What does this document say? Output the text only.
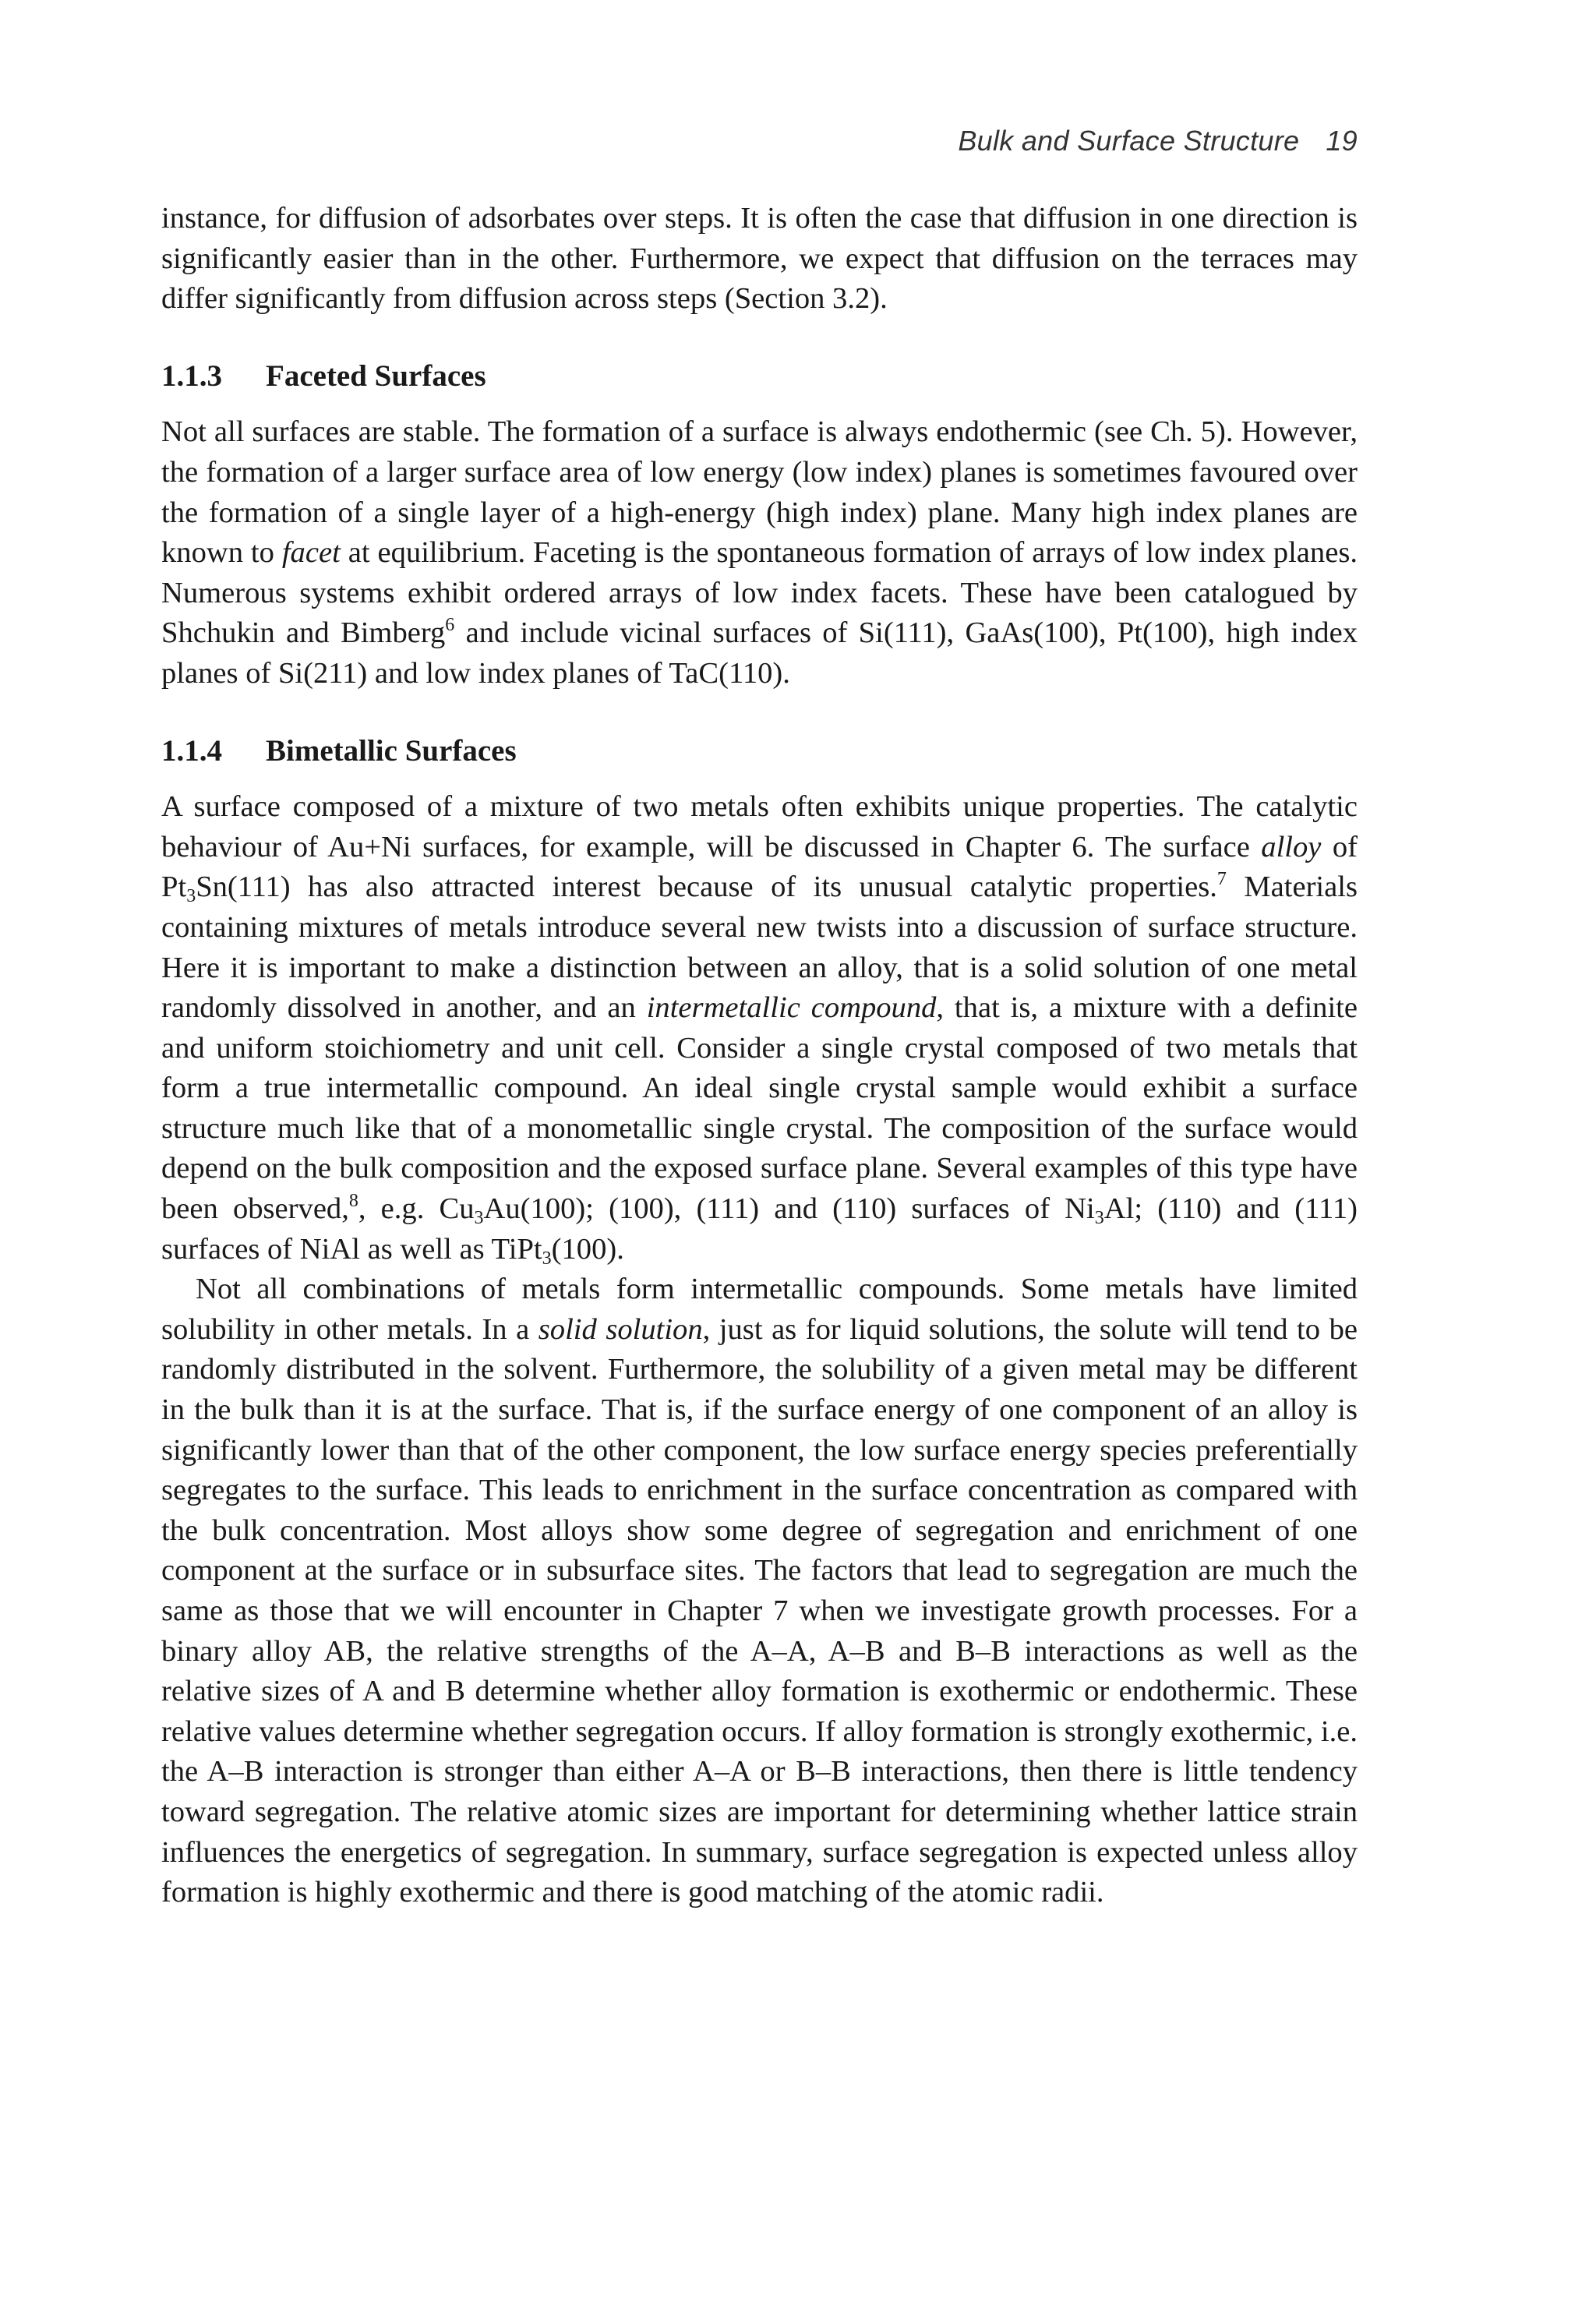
Bulk and Surface Structure 19

instance, for diffusion of adsorbates over steps. It is often the case that diffusion in one direction is significantly easier than in the other. Furthermore, we expect that diffusion on the terraces may differ significantly from diffusion across steps (Section 3.2).

1.1.3 Faceted Surfaces

Not all surfaces are stable. The formation of a surface is always endothermic (see Ch. 5). However, the formation of a larger surface area of low energy (low index) planes is sometimes favoured over the formation of a single layer of a high-energy (high index) plane. Many high index planes are known to facet at equilibrium. Faceting is the spontaneous formation of arrays of low index planes. Numerous systems exhibit ordered arrays of low index facets. These have been catalogued by Shchukin and Bimberg$^6$ and include vicinal surfaces of Si(111), GaAs(100), Pt(100), high index planes of Si(211) and low index planes of TaC(110).

1.1.4 Bimetallic Surfaces

A surface composed of a mixture of two metals often exhibits unique properties. The catalytic behaviour of Au+Ni surfaces, for example, will be discussed in Chapter 6. The surface alloy of $Pt_3Sn(111)$ has also attracted interest because of its unusual catalytic properties.$^7$ Materials containing mixtures of metals introduce several new twists into a discussion of surface structure. Here it is important to make a distinction between an alloy, that is a solid solution of one metal randomly dissolved in another, and an intermetallic compound, that is, a mixture with a definite and uniform stoichiometry and unit cell. Consider a single crystal composed of two metals that form a true intermetallic compound. An ideal single crystal sample would exhibit a surface structure much like that of a monometallic single crystal. The composition of the surface would depend on the bulk composition and the exposed surface plane. Several examples of this type have been observed,$^8$, e.g. $Cu_3Au(100)$; (100), (111) and (110) surfaces of $Ni_3Al$; (110) and (111) surfaces of NiAl as well as TiPt$_3$(100).

Not all combinations of metals form intermetallic compounds. Some metals have limited solubility in other metals. In a solid solution, just as for liquid solutions, the solute will tend to be randomly distributed in the solvent. Furthermore, the solubility of a given metal may be different in the bulk than it is at the surface. That is, if the surface energy of one component of an alloy is significantly lower than that of the other component, the low surface energy species preferentially segregates to the surface. This leads to enrichment in the surface concentration as compared with the bulk concentration. Most alloys show some degree of segregation and enrichment of one component at the surface or in subsurface sites. The factors that lead to segregation are much the same as those that we will encounter in Chapter 7 when we investigate growth processes. For a binary alloy AB, the relative strengths of the A–A, A–B and B–B interactions as well as the relative sizes of A and B determine whether alloy formation is exothermic or endothermic. These relative values determine whether segregation occurs. If alloy formation is strongly exothermic, i.e. the A–B interaction is stronger than either A–A or B–B interactions, then there is little tendency toward segregation. The relative atomic sizes are important for determining whether lattice strain influences the energetics of segregation. In summary, surface segregation is expected unless alloy formation is highly exothermic and there is good matching of the atomic radii.
